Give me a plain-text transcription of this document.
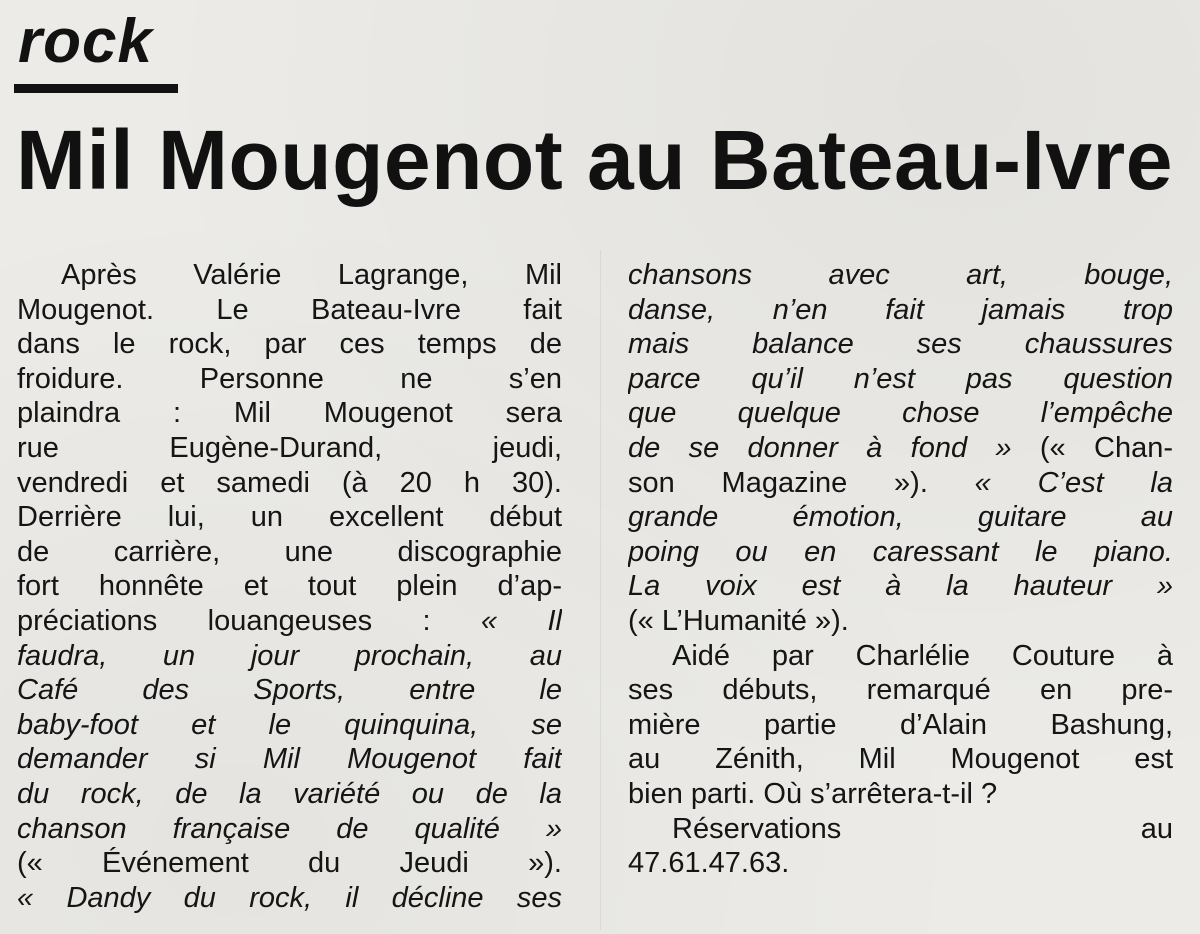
rock
Mil Mougenot au Bateau-Ivre
Après Valérie Lagrange, Mil
Mougenot. Le Bateau-Ivre fait
dans le rock, par ces temps de
froidure. Personne ne s’en
plaindra : Mil Mougenot sera
rue Eugène-Durand, jeudi,
vendredi et samedi (à 20 h 30).
Derrière lui, un excellent début
de carrière, une discographie
fort honnête et tout plein d’ap-
préciations louangeuses : « Il
faudra, un jour prochain, au
Café des Sports, entre le
baby-foot et le quinquina, se
demander si Mil Mougenot fait
du rock, de la variété ou de la
chanson française de qualité »
(« Événement du Jeudi »).
« Dandy du rock, il décline ses
chansons avec art, bouge,
danse, n’en fait jamais trop
mais balance ses chaussures
parce qu’il n’est pas question
que quelque chose l’empêche
de se donner à fond » (« Chan-
son Magazine »). « C’est la
grande émotion, guitare au
poing ou en caressant le piano.
La voix est à la hauteur »
(« L’Humanité »).
Aidé par Charlélie Couture à
ses débuts, remarqué en pre-
mière partie d’Alain Bashung,
au Zénith, Mil Mougenot est
bien parti. Où s’arrêtera-t-il ?
Réservations au
47.61.47.63.
